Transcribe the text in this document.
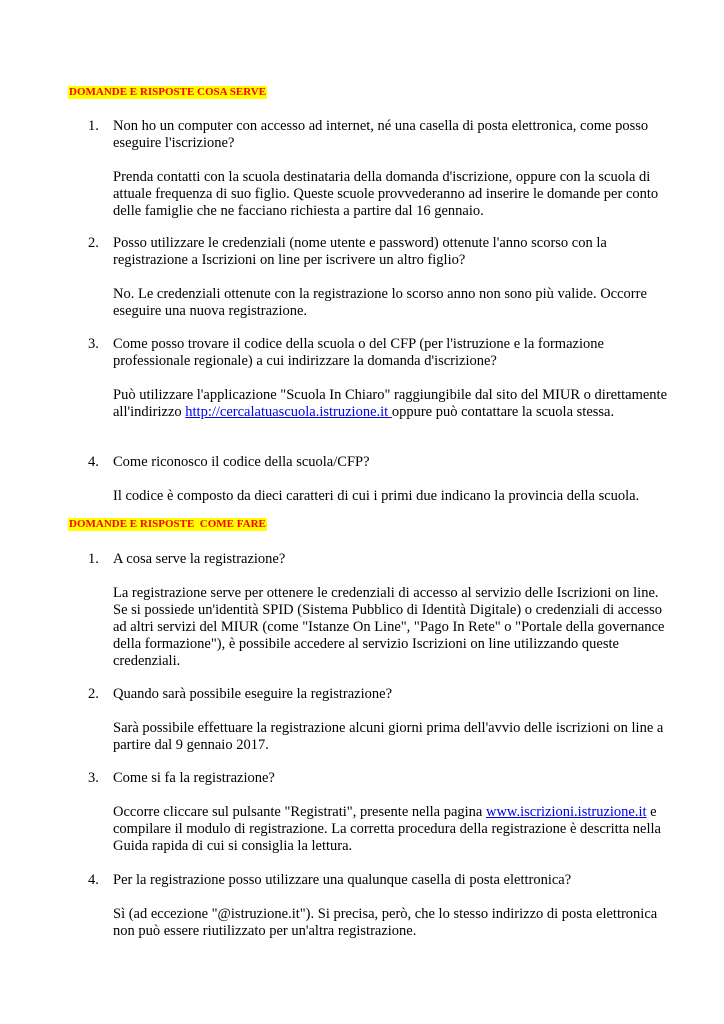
DOMANDE E RISPOSTE COSA SERVE
1. Non ho un computer con accesso ad internet, né una casella di posta elettronica, come posso eseguire l'iscrizione?
Prenda contatti con la scuola destinataria della domanda d'iscrizione, oppure con la scuola di attuale frequenza di suo figlio. Queste scuole provvederanno ad inserire le domande per conto delle famiglie che ne facciano richiesta a partire dal 16 gennaio.
2. Posso utilizzare le credenziali (nome utente e password) ottenute l'anno scorso con la registrazione a Iscrizioni on line per iscrivere un altro figlio?
No. Le credenziali ottenute con la registrazione lo scorso anno non sono più valide. Occorre eseguire una nuova registrazione.
3. Come posso trovare il codice della scuola o del CFP (per l'istruzione e la formazione professionale regionale) a cui indirizzare la domanda d'iscrizione?
Può utilizzare l'applicazione "Scuola In Chiaro" raggiungibile dal sito del MIUR o direttamente all'indirizzo http://cercalatuascuola.istruzione.it oppure può contattare la scuola stessa.
4. Come riconosco il codice della scuola/CFP?
Il codice è composto da dieci caratteri di cui i primi due indicano la provincia della scuola.
DOMANDE E RISPOSTE  COME FARE
1. A cosa serve la registrazione?
La registrazione serve per ottenere le credenziali di accesso al servizio delle Iscrizioni on line. Se si possiede un'identità SPID (Sistema Pubblico di Identità Digitale) o credenziali di accesso ad altri servizi del MIUR (come "Istanze On Line", "Pago In Rete" o "Portale della governance della formazione"), è possibile accedere al servizio Iscrizioni on line utilizzando queste credenziali.
2. Quando sarà possibile eseguire la registrazione?
Sarà possibile effettuare la registrazione alcuni giorni prima dell'avvio delle iscrizioni on line a partire dal 9 gennaio 2017.
3. Come si fa la registrazione?
Occorre cliccare sul pulsante "Registrati", presente nella pagina www.iscrizioni.istruzione.it e compilare il modulo di registrazione. La corretta procedura della registrazione è descritta nella Guida rapida di cui si consiglia la lettura.
4. Per la registrazione posso utilizzare una qualunque casella di posta elettronica?
Sì (ad eccezione "@istruzione.it"). Si precisa, però, che lo stesso indirizzo di posta elettronica non può essere riutilizzato per un'altra registrazione.
